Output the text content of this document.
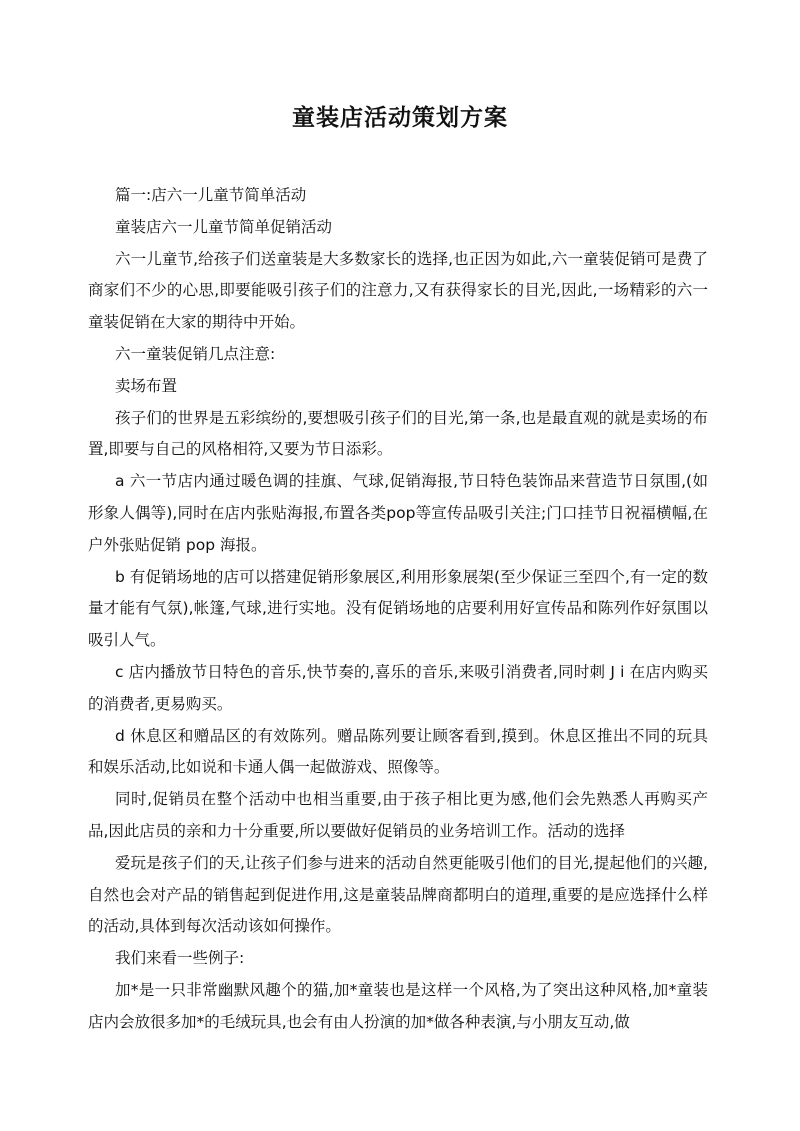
童装店活动策划方案

篇一:店六一儿童节简单活动

童装店六一儿童节简单促销活动

六一儿童节,给孩子们送童装是大多数家长的选择,也正因为如此,六一童装促销可是费了商家们不少的心思,即要能吸引孩子们的注意力,又有获得家长的目光,因此,一场精彩的六一童装促销在大家的期待中开始。

六一童装促销几点注意:

卖场布置

孩子们的世界是五彩缤纷的,要想吸引孩子们的目光,第一条,也是最直观的就是卖场的布置,即要与自己的风格相符,又要为节日添彩。

a 六一节店内通过暖色调的挂旗、气球,促销海报,节日特色装饰品来营造节日氛围,(如形象人偶等),同时在店内张贴海报,布置各类pop等宣传品吸引关注;门口挂节日祝福横幅,在户外张贴促销 pop 海报。

b 有促销场地的店可以搭建促销形象展区,利用形象展架(至少保证三至四个,有一定的数量才能有气氛),帐篷,气球,进行实地。没有促销场地的店要利用好宣传品和陈列作好氛围以吸引人气。

c 店内播放节日特色的音乐,快节奏的,喜乐的音乐,来吸引消费者,同时刺 J i 在店内购买的消费者,更易购买。

d 休息区和赠品区的有效陈列。赠品陈列要让顾客看到,摸到。休息区推出不同的玩具和娱乐活动,比如说和卡通人偶一起做游戏、照像等。

同时,促销员在整个活动中也相当重要,由于孩子相比更为感,他们会先熟悉人再购买产品,因此店员的亲和力十分重要,所以要做好促销员的业务培训工作。活动的选择

爱玩是孩子们的天,让孩子们参与进来的活动自然更能吸引他们的目光,提起他们的兴趣,自然也会对产品的销售起到促进作用,这是童装品牌商都明白的道理,重要的是应选择什么样的活动,具体到每次活动该如何操作。

我们来看一些例子:

加*是一只非常幽默风趣个的猫,加*童装也是这样一个风格,为了突出这种风格,加*童装店内会放很多加*的毛绒玩具,也会有由人扮演的加*做各种表演,与小朋友互动,做
